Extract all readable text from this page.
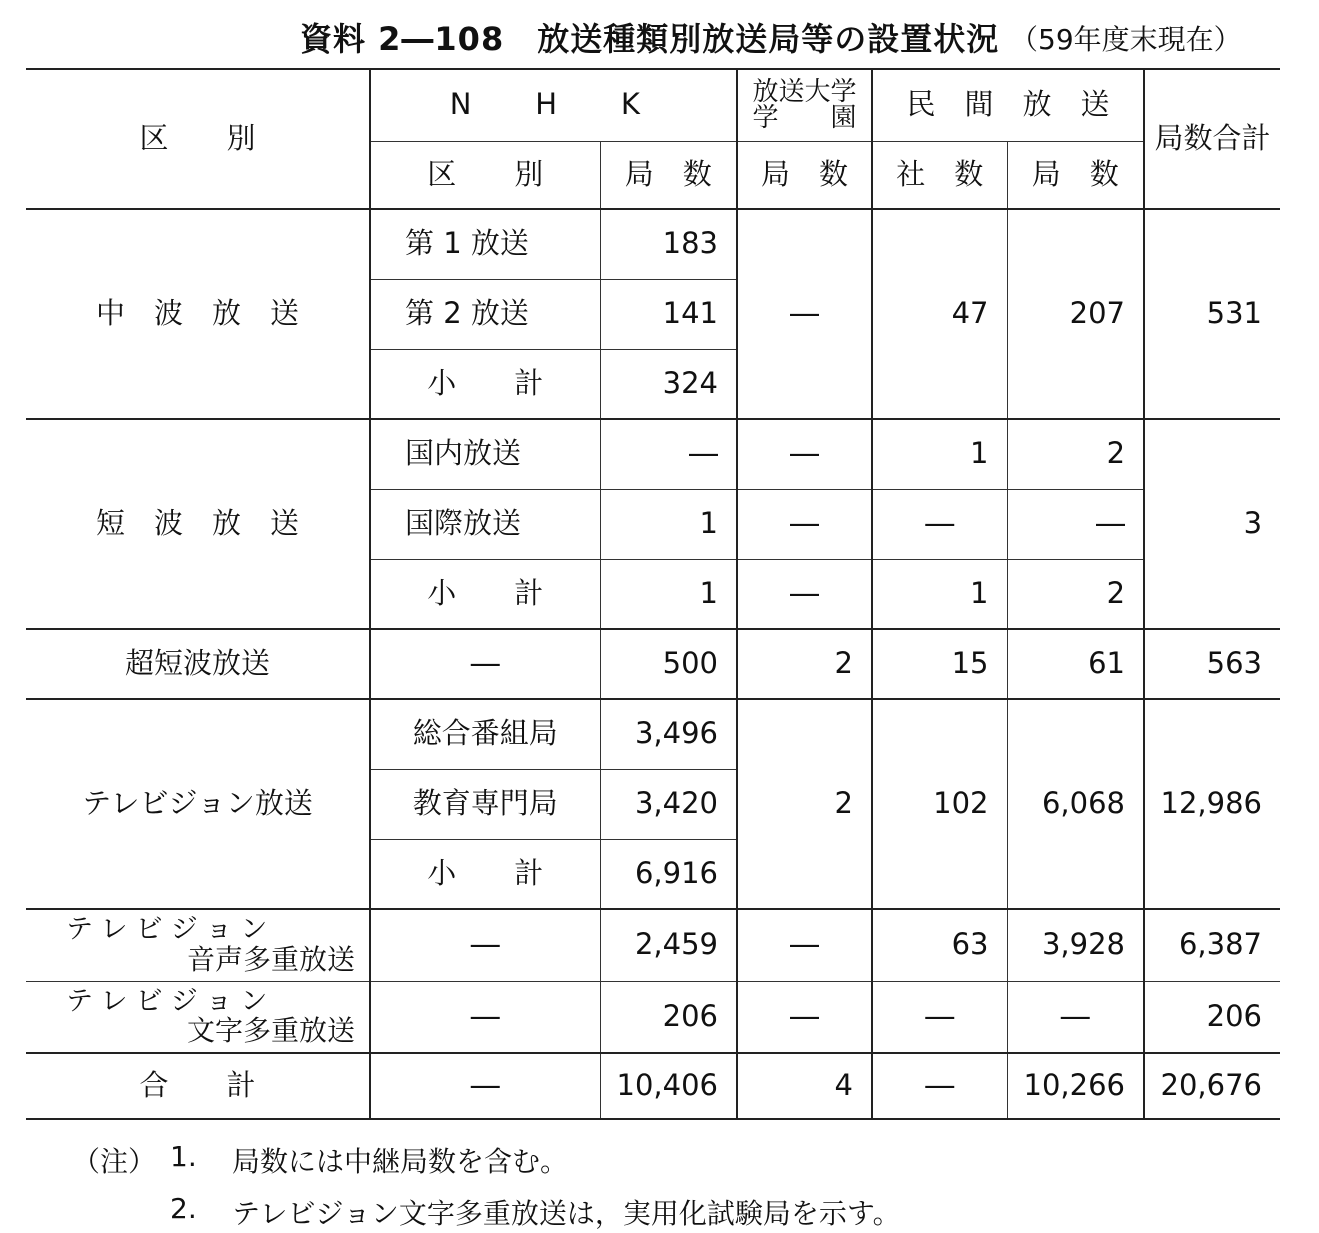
資料 2―108　放送種類別放送局等の設置状況 （59年度末現在）
区　　別	N　H　K		放送大学学　　園	民　間　放　送		局数合計
	区　　別	局　数	局　数	社　数	局　数	
中　波　放　送	第 1 放送	183	―	47	207	531

	第 2 放送	141				
	小　　計	324				
短　波　放　送	国内放送	―	―	1	2	3

	国際放送	1	―	―	―	
	小　　計	1	―	1	2	
超短波放送	―	500	2	15	61	563
テレビジョン放送	総合番組局	3,496	2	102	6,068	12,986
	教育専門局	3,420				
	小　　計	6,916				

テレビジョン
音声多重放送	―	2,459	―	63	3,928	6,387

テレビジョン
文字多重放送	―	206	―	―	―	206
合　　計	―	10,406	4	―	10,266	20,676
（注） 1. 局数には中継局数を含む。
2. テレビジョン文字多重放送は，実用化試験局を示す。
